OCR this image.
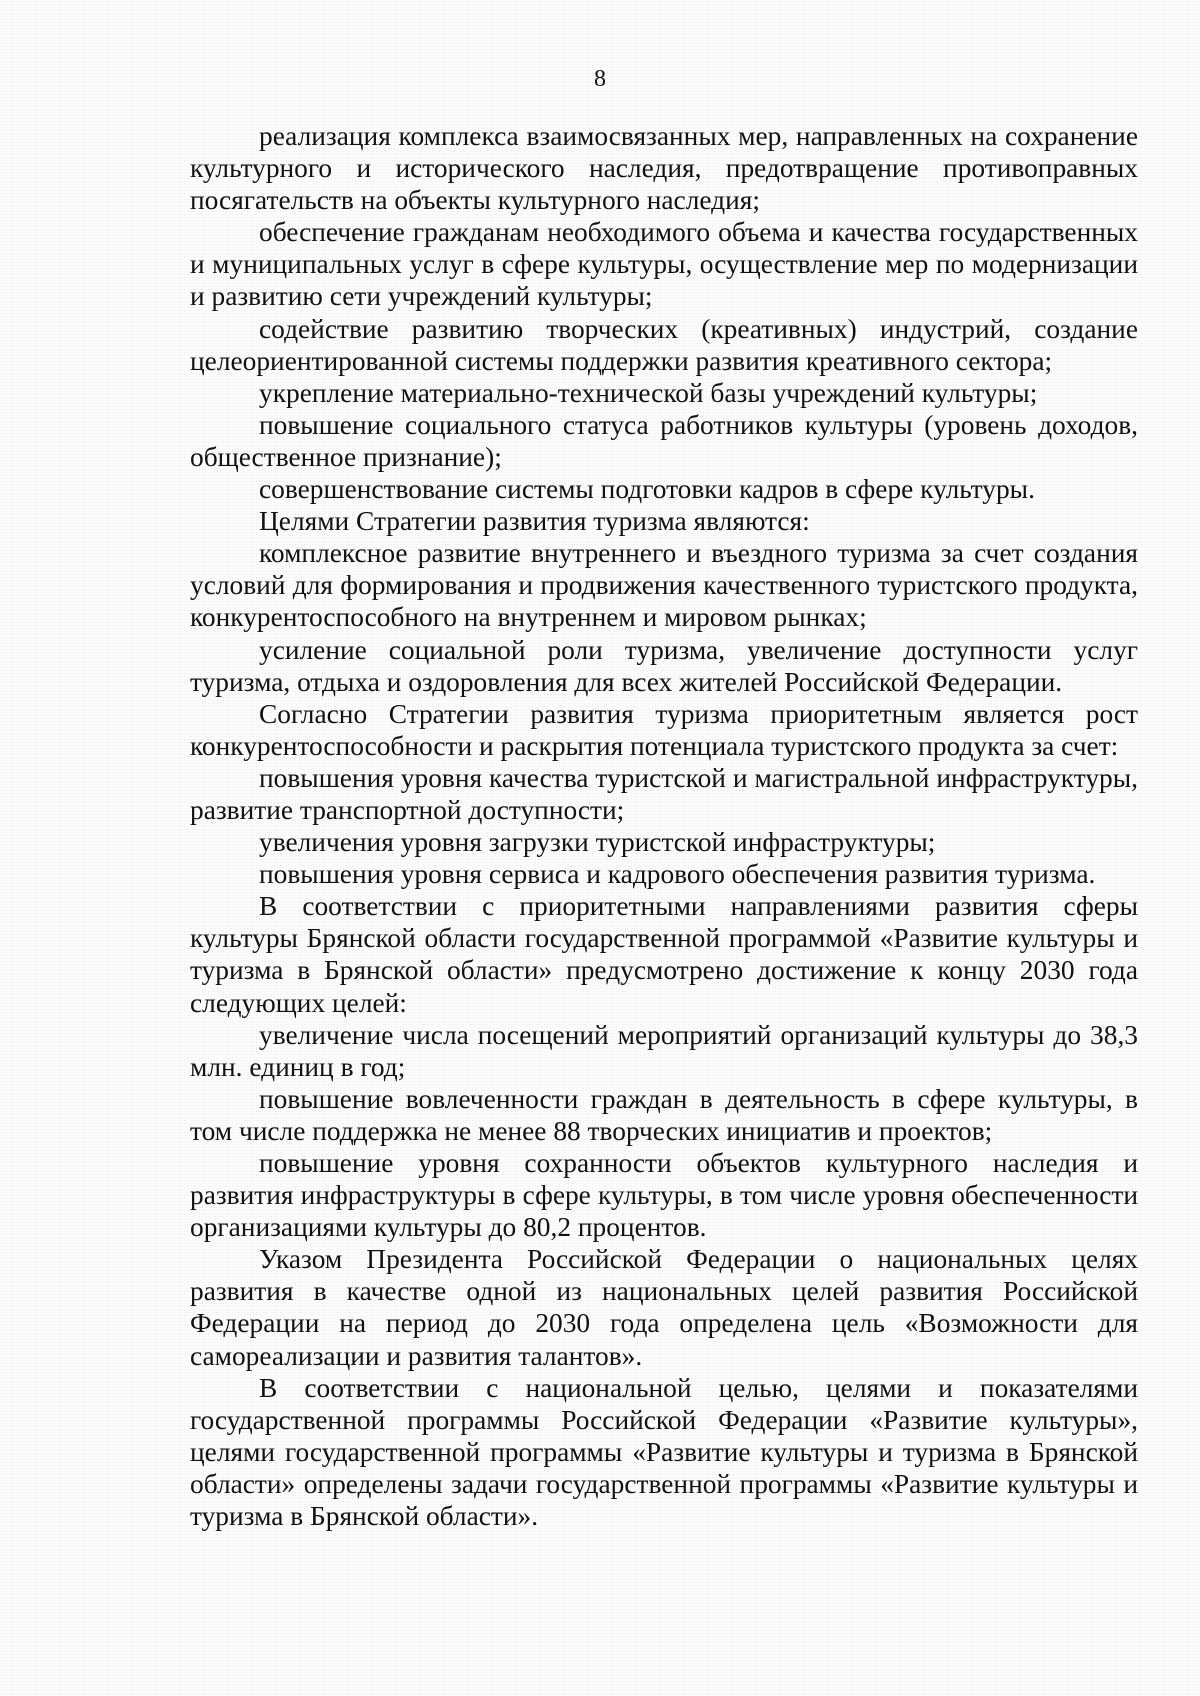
8

реализация комплекса взаимосвязанных мер, направленных на сохранение культурного и исторического наследия, предотвращение противоправных посягательств на объекты культурного наследия;

обеспечение гражданам необходимого объема и качества государственных и муниципальных услуг в сфере культуры, осуществление мер по модернизации и развитию сети учреждений культуры;

содействие развитию творческих (креативных) индустрий, создание целеориентированной системы поддержки развития креативного сектора;

укрепление материально-технической базы учреждений культуры;

повышение социального статуса работников культуры (уровень доходов, общественное признание);

совершенствование системы подготовки кадров в сфере культуры.

Целями Стратегии развития туризма являются:

комплексное развитие внутреннего и въездного туризма за счет создания условий для формирования и продвижения качественного туристского продукта, конкурентоспособного на внутреннем и мировом рынках;

усиление социальной роли туризма, увеличение доступности услуг туризма, отдыха и оздоровления для всех жителей Российской Федерации.

Согласно Стратегии развития туризма приоритетным является рост конкурентоспособности и раскрытия потенциала туристского продукта за счет:

повышения уровня качества туристской и магистральной инфраструктуры, развитие транспортной доступности;

увеличения уровня загрузки туристской инфраструктуры;

повышения уровня сервиса и кадрового обеспечения развития туризма.

В соответствии с приоритетными направлениями развития сферы культуры Брянской области государственной программой «Развитие культуры и туризма в Брянской области» предусмотрено достижение к концу 2030 года следующих целей:

увеличение числа посещений мероприятий организаций культуры до 38,3 млн. единиц в год;

повышение вовлеченности граждан в деятельность в сфере культуры, в том числе поддержка не менее 88 творческих инициатив и проектов;

повышение уровня сохранности объектов культурного наследия и развития инфраструктуры в сфере культуры, в том числе уровня обеспеченности организациями культуры до 80,2 процентов.

Указом Президента Российской Федерации о национальных целях развития в качестве одной из национальных целей развития Российской Федерации на период до 2030 года определена цель «Возможности для самореализации и развития талантов».

В соответствии с национальной целью, целями и показателями государственной программы Российской Федерации «Развитие культуры», целями государственной программы «Развитие культуры и туризма в Брянской области» определены задачи государственной программы «Развитие культуры и туризма в Брянской области».
